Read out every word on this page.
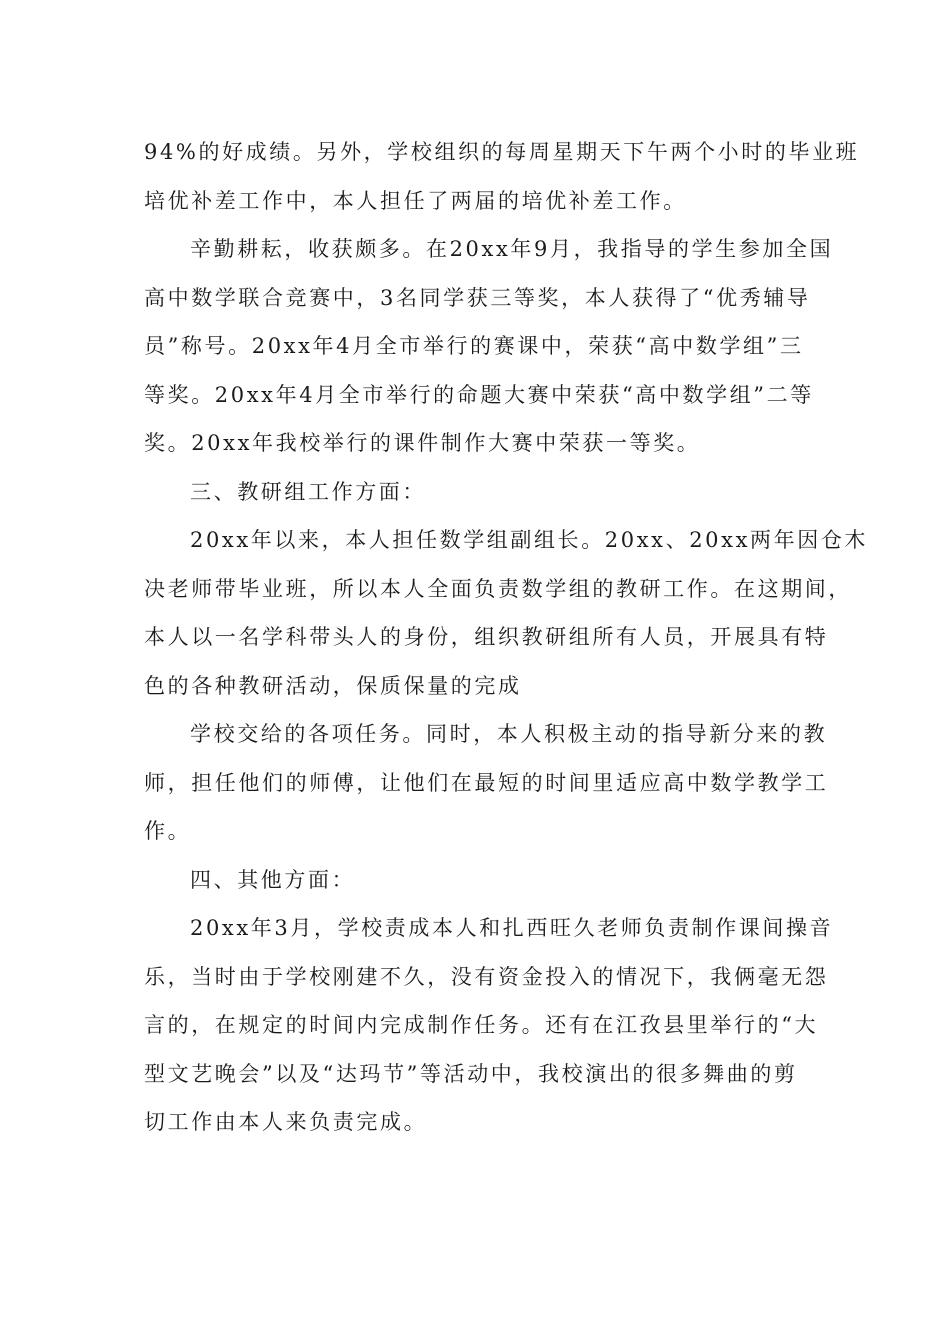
94%的好成绩。另外，学校组织的每周星期天下午两个小时的毕业班
培优补差工作中，本人担任了两届的培优补差工作。
辛勤耕耘，收获颇多。在20xx年9月，我指导的学生参加全国
高中数学联合竞赛中，3名同学获三等奖，本人获得了“优秀辅导
员”称号。20xx年4月全市举行的赛课中，荣获“高中数学组”三
等奖。20xx年4月全市举行的命题大赛中荣获“高中数学组”二等
奖。20xx年我校举行的课件制作大赛中荣获一等奖。
三、教研组工作方面：
20xx年以来，本人担任数学组副组长。20xx、20xx两年因仓木
决老师带毕业班，所以本人全面负责数学组的教研工作。在这期间，
本人以一名学科带头人的身份，组织教研组所有人员，开展具有特
色的各种教研活动，保质保量的完成
学校交给的各项任务。同时，本人积极主动的指导新分来的教
师，担任他们的师傅，让他们在最短的时间里适应高中数学教学工
作。
四、其他方面：
20xx年3月，学校责成本人和扎西旺久老师负责制作课间操音
乐，当时由于学校刚建不久，没有资金投入的情况下，我俩毫无怨
言的，在规定的时间内完成制作任务。还有在江孜县里举行的“大
型文艺晚会”以及“达玛节”等活动中，我校演出的很多舞曲的剪
切工作由本人来负责完成。
